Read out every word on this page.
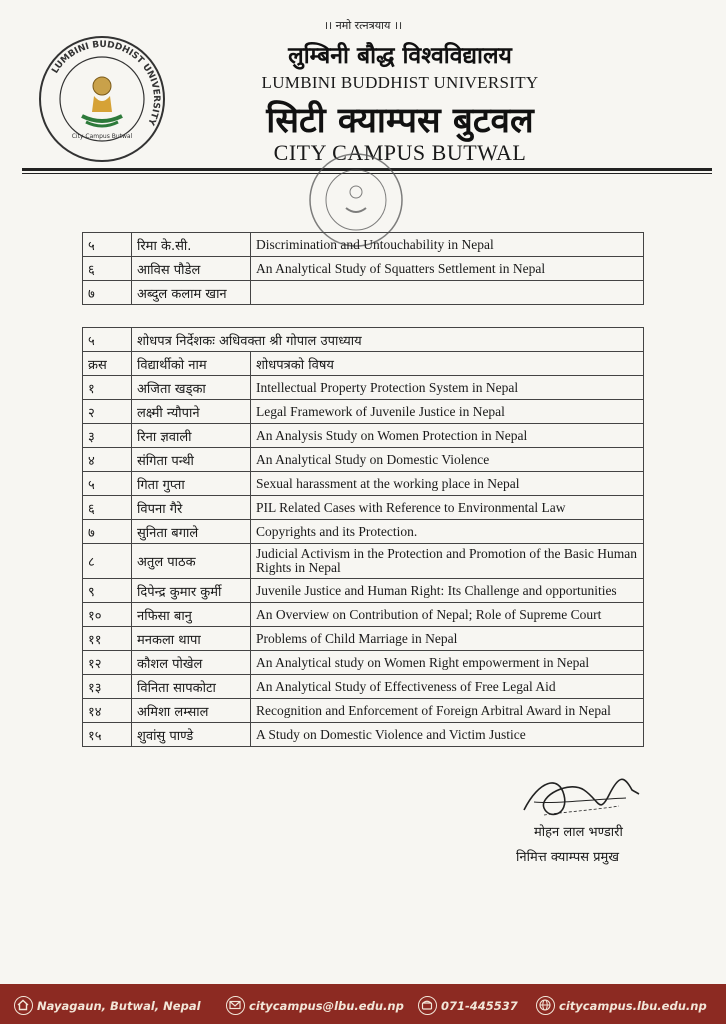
LUMBINI BUDDHIST UNIVERSITY
City Campus Butwal
।। नमो रत्नत्रयाय ।।
लुम्बिनी बौद्ध विश्वविद्यालय
LUMBINI BUDDHIST UNIVERSITY
सिटी क्याम्पस बुटवल
CITY CAMPUS BUTWAL
५	रिमा के.सी.	Discrimination and Untouchability in Nepal
६	आविस पौडेल	An Analytical Study of Squatters Settlement in Nepal
७	अब्दुल कलाम खान	
५	शोधपत्र निर्देशकः अधिवक्ता श्री गोपाल उपाध्याय	
क्रस	विद्यार्थीको नाम	शोधपत्रको विषय
१	अजिता खड्का	Intellectual Property Protection System in Nepal
२	लक्ष्मी न्यौपाने	Legal Framework of Juvenile Justice in Nepal
३	रिना ज्ञवाली	An Analysis Study on Women Protection in Nepal
४	संगिता पन्थी	An Analytical Study on Domestic Violence
५	गिता गुप्ता	Sexual harassment at the working place in Nepal
६	विपना गैरे	PIL Related Cases with Reference to Environmental Law
७	सुनिता बगाले	Copyrights and its Protection.
८	अतुल पाठक	Judicial Activism in the Protection and Promotion of the Basic Human Rights in Nepal
९	दिपेन्द्र कुमार कुर्मी	Juvenile Justice and Human Right: Its Challenge and opportunities
१०	नफिसा बानु	An Overview on Contribution of Nepal; Role of Supreme Court
११	मनकला थापा	Problems of Child Marriage in Nepal
१२	कौशल पोखेल	An Analytical study on Women Right empowerment in Nepal
१३	विनिता सापकोटा	An Analytical Study of Effectiveness of Free Legal Aid
१४	अमिशा लम्साल	Recognition and Enforcement of Foreign Arbitral Award in Nepal
१५	शुवांसु पाण्डे	A Study on Domestic Violence and Victim Justice
मोहन लाल भण्डारी
निमित्त क्याम्पस प्रमुख
Nayagaun, Butwal, Nepal	citycampus@lbu.edu.np	071-445537	citycampus.lbu.edu.np
